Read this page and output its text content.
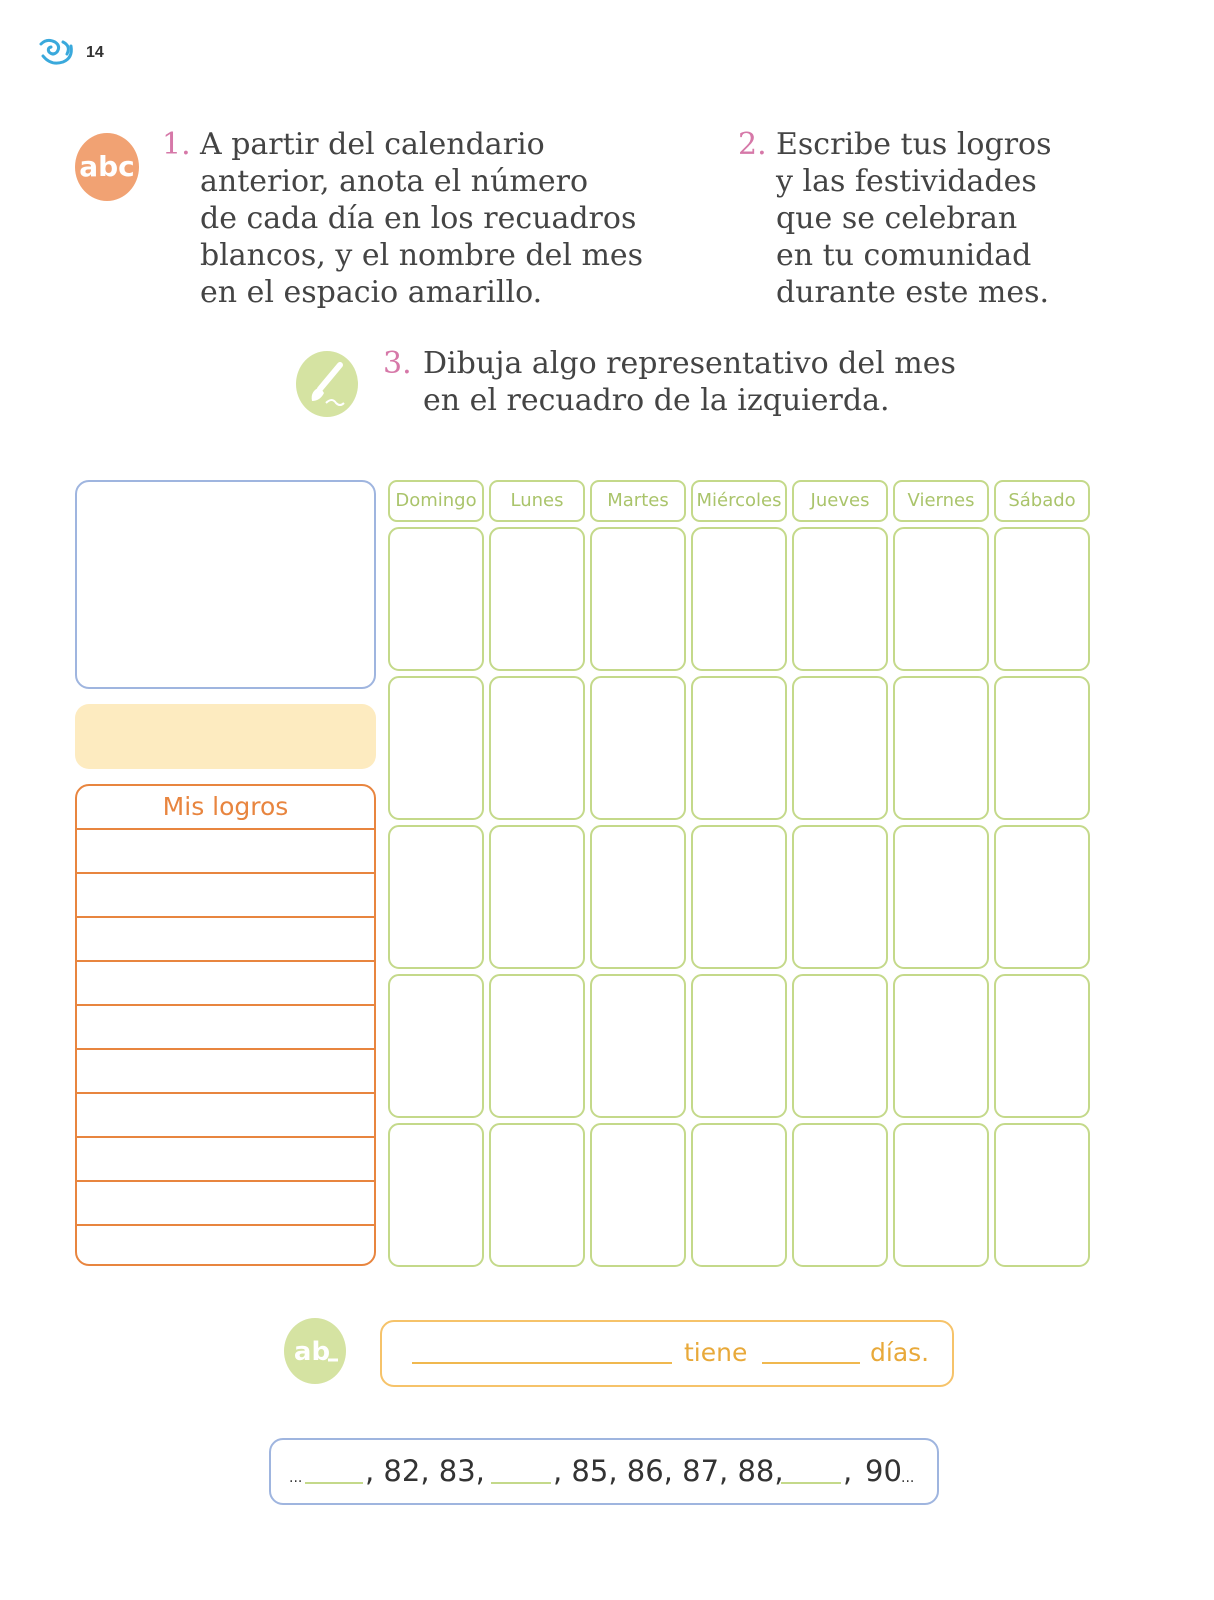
14
abc
1. A partir del calendario
anterior, anota el número
de cada día en los recuadros
blancos, y el nombre del mes
en el espacio amarillo.
2. Escribe tus logros
y las festividades
que se celebran
en tu comunidad
durante este mes.
3. Dibuja algo representativo del mes
en el recuadro de la izquierda.
Mis logros
Domingo	Lunes	Martes	Miércoles	Jueves	Viernes	Sábado
ab	tiene	días.
... , 82, 83, , 85, 86, 87, 88, , 90 ...
